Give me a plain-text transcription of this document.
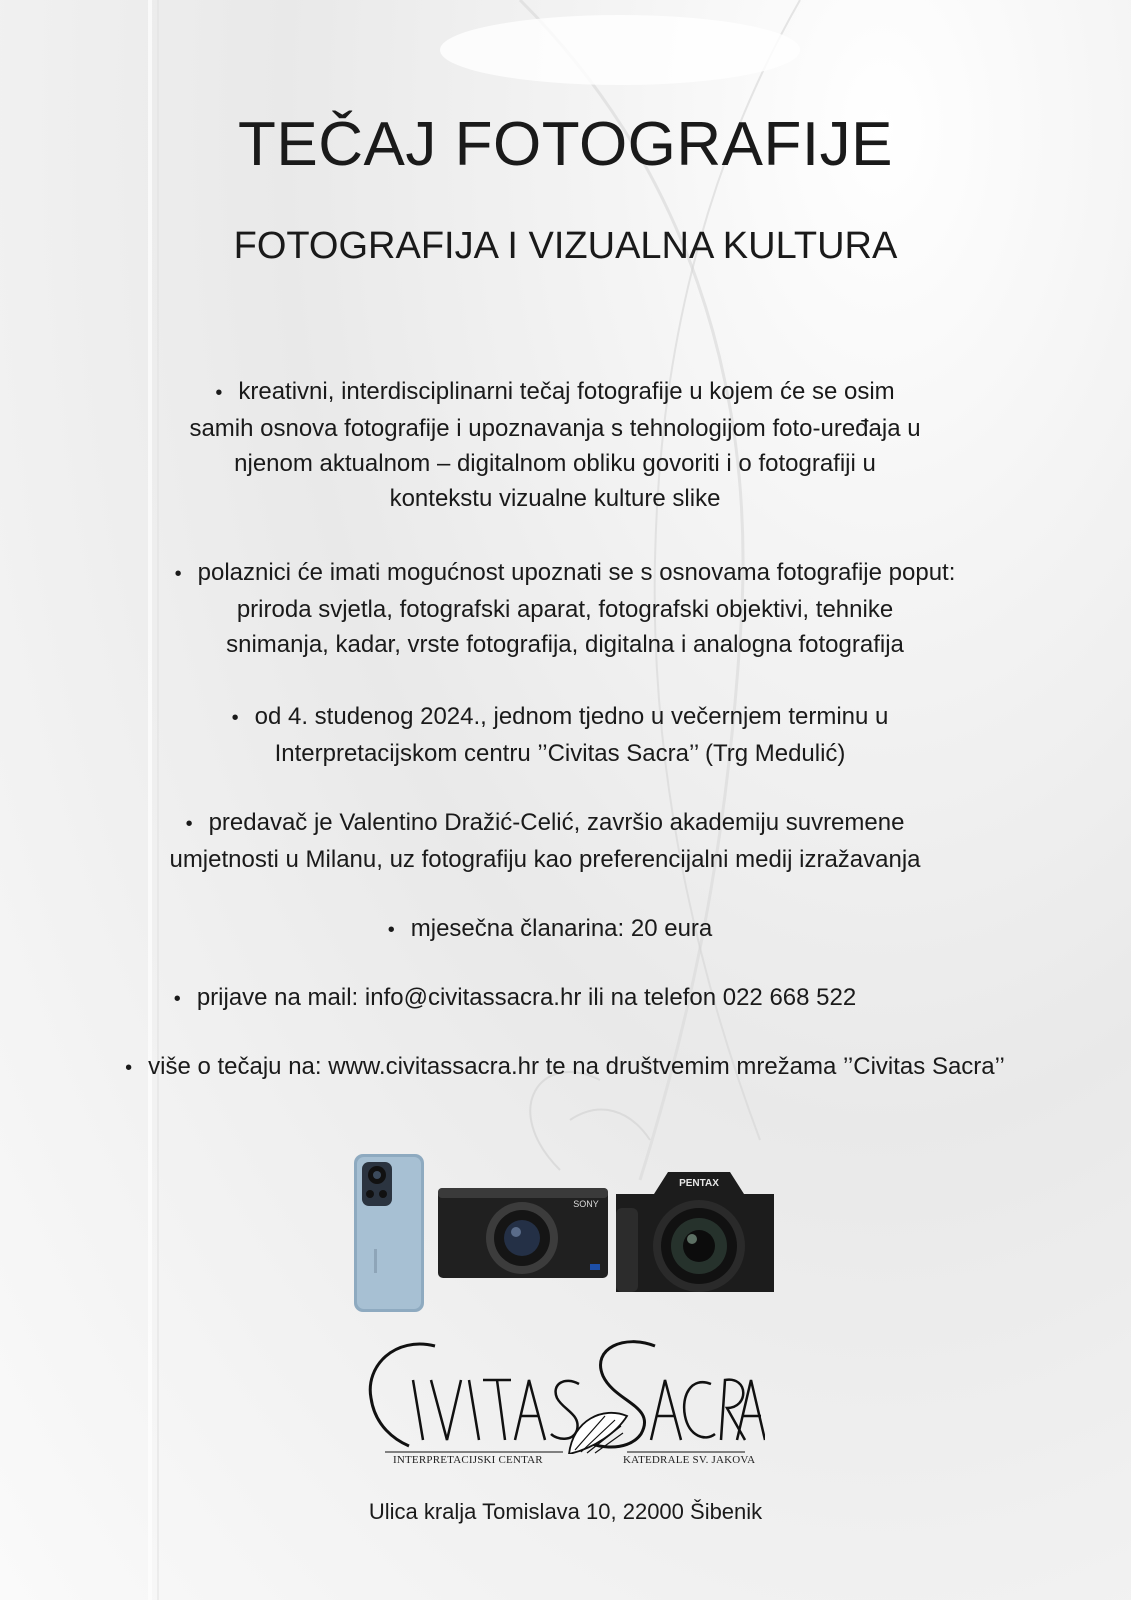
TEČAJ FOTOGRAFIJE
FOTOGRAFIJA I VIZUALNA KULTURA
• kreativni, interdisciplinarni tečaj fotografije u kojem će se osim
samih osnova fotografije i upoznavanja s tehnologijom foto-uređaja u
njenom aktualnom – digitalnom obliku govoriti i o fotografiji u
kontekstu vizualne kulture slike
• polaznici će imati mogućnost upoznati se s osnovama fotografije poput:
priroda svjetla, fotografski aparat, fotografski objektivi, tehnike
snimanja, kadar, vrste fotografija, digitalna i analogna fotografija
• od 4. studenog 2024., jednom tjedno u večernjem terminu u
Interpretacijskom centru ’’Civitas Sacra’’ (Trg Medulić)
• predavač je Valentino Dražić-Celić, završio akademiju suvremene
umjetnosti u Milanu, uz fotografiju kao preferencijalni medij izražavanja
• mjesečna članarina: 20 eura
• prijave na mail: info@civitassacra.hr ili na telefon 022 668 522
• više o tečaju na: www.civitassacra.hr te na društvemim mrežama ’’Civitas Sacra’’
SONY
PENTAX
INTERPRETACIJSKI CENTAR	KATEDRALE SV. JAKOVA
Ulica kralja Tomislava 10, 22000 Šibenik
